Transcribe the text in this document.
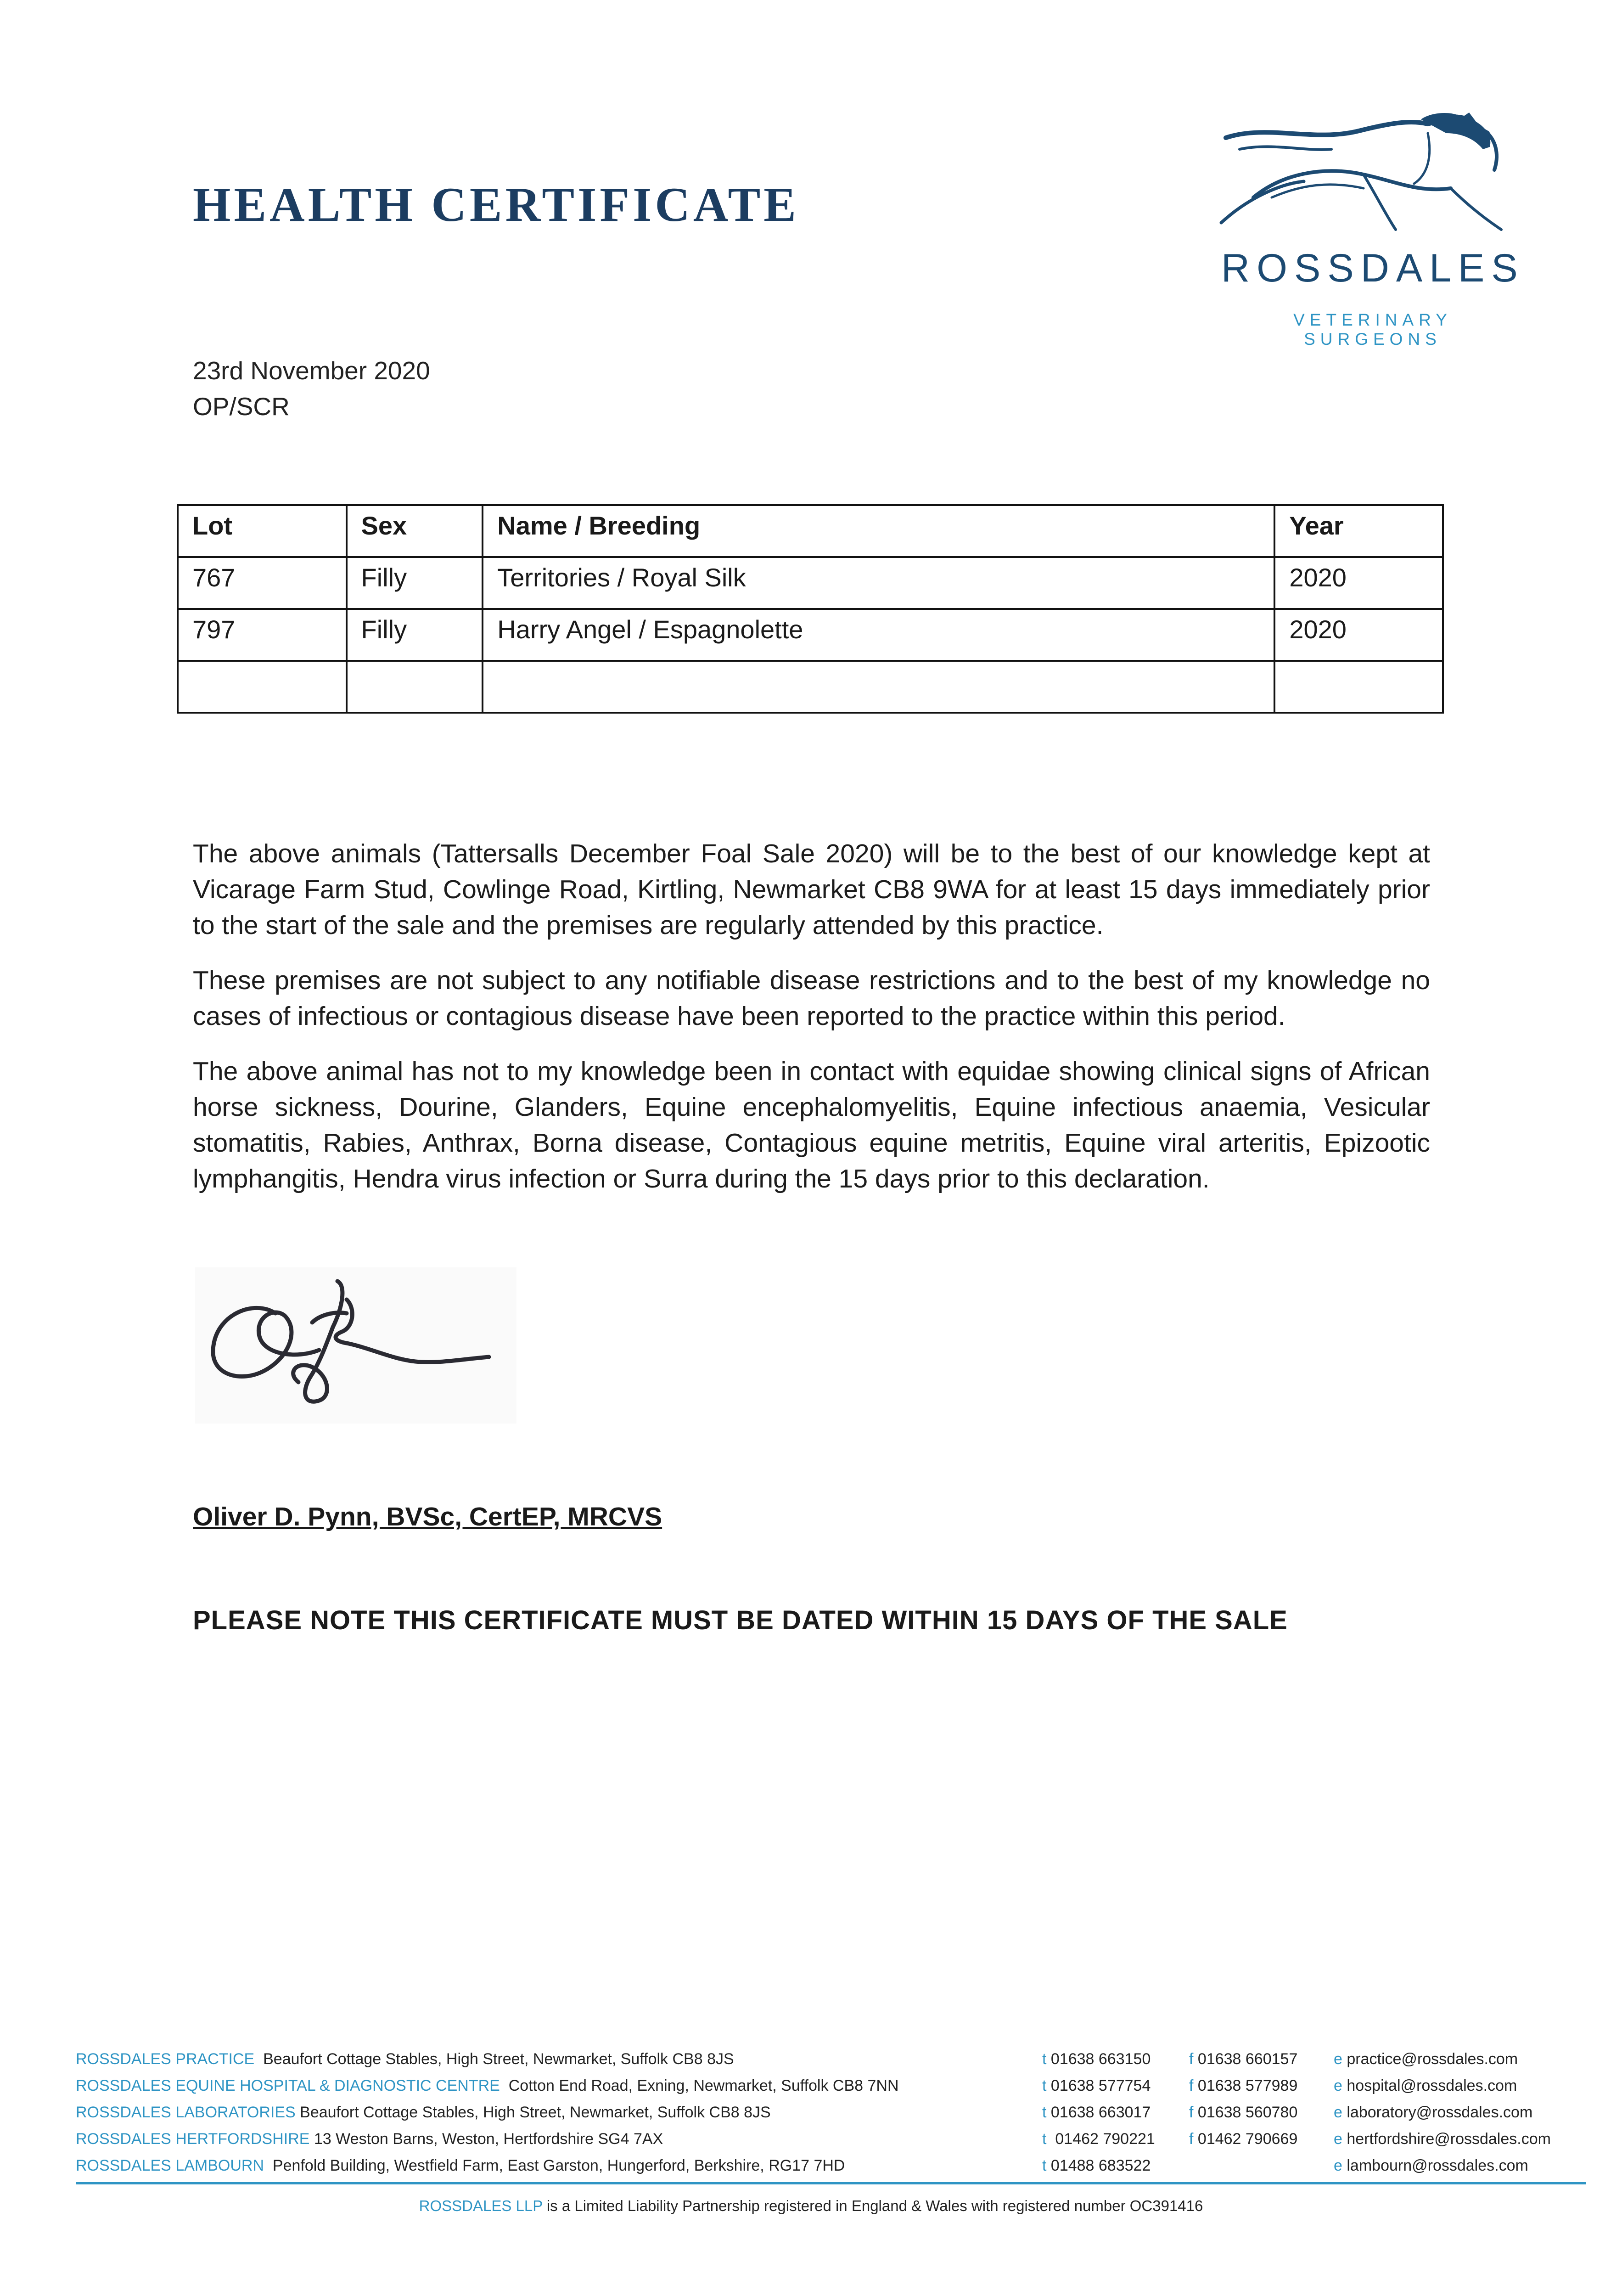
HEALTH CERTIFICATE
ROSSDALES
VETERINARY SURGEONS
23rd November 2020
OP/SCR
Lot	Sex	Name / Breeding	Year
767	Filly	Territories / Royal Silk	2020
797	Filly	Harry Angel / Espagnolette	2020

The above animals (Tattersalls December Foal Sale 2020) will be to the best of our knowledge kept at Vicarage Farm Stud, Cowlinge Road, Kirtling, Newmarket CB8 9WA for at least 15 days immediately prior to the start of the sale and the premises are regularly attended by this practice.

These premises are not subject to any notifiable disease restrictions and to the best of my knowledge no cases of infectious or contagious disease have been reported to the practice within this period.

The above animal has not to my knowledge been in contact with equidae showing clinical signs of African horse sickness, Dourine, Glanders, Equine encephalomyelitis, Equine infectious anaemia, Vesicular stomatitis, Rabies, Anthrax, Borna disease, Contagious equine metritis, Equine viral arteritis, Epizootic lymphangitis, Hendra virus infection or Surra during the 15 days prior to this declaration.

Oliver D. Pynn, BVSc, CertEP, MRCVS
PLEASE NOTE THIS CERTIFICATE MUST BE DATED WITHIN 15 DAYS OF THE SALE
ROSSDALES PRACTICE Beaufort Cottage Stables, High Street, Newmarket, Suffolk CB8 8JS	t 01638 663150 f 01638 660157 e practice@rossdales.com
ROSSDALES EQUINE HOSPITAL & DIAGNOSTIC CENTRE Cotton End Road, Exning, Newmarket, Suffolk CB8 7NN	t 01638 577754 f 01638 577989 e hospital@rossdales.com
ROSSDALES LABORATORIES Beaufort Cottage Stables, High Street, Newmarket, Suffolk CB8 8JS	t 01638 663017 f 01638 560780 e laboratory@rossdales.com
ROSSDALES HERTFORDSHIRE 13 Weston Barns, Weston, Hertfordshire SG4 7AX	t 01462 790221 f 01462 790669 e hertfordshire@rossdales.com
ROSSDALES LAMBOURN Penfold Building, Westfield Farm, East Garston, Hungerford, Berkshire, RG17 7HD	t 01488 683522	e lambourn@rossdales.com
ROSSDALES LLP is a Limited Liability Partnership registered in England & Wales with registered number OC391416
